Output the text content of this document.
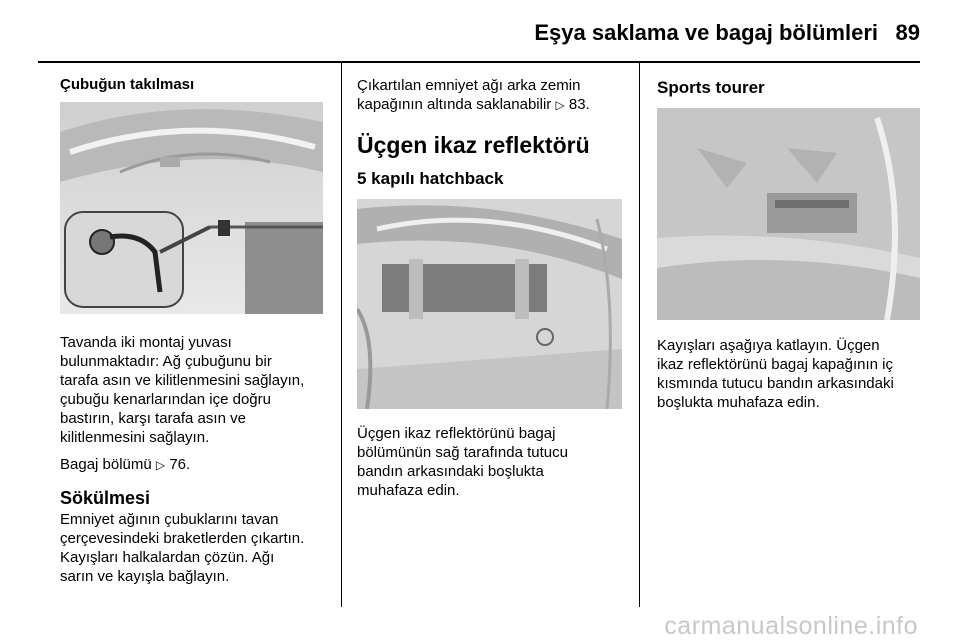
Eşya saklama ve bagaj bölümleri 89
Çubuğun takılması

Tavanda iki montaj yuvası

bulunmaktadır: Ağ çubuğunu bir

tarafa asın ve kilitlenmesini sağlayın,

çubuğu kenarlarından içe doğru

bastırın, karşı tarafa asın ve

kilitlenmesini sağlayın.

Bagaj bölümü ▷ 76.

Sökülmesi

Emniyet ağının çubuklarını tavan

çerçevesindeki braketlerden çıkartın.

Kayışları halkalardan çözün. Ağı

sarın ve kayışla bağlayın.

Çıkartılan emniyet ağı arka zemin

kapağının altında saklanabilir ▷ 83.

Üçgen ikaz reflektörü
5 kapılı hatchback

Üçgen ikaz reflektörünü bagaj

bölümünün sağ tarafında tutucu

bandın arkasındaki boşlukta

muhafaza edin.

Sports tourer

Kayışları aşağıya katlayın. Üçgen

ikaz reflektörünü bagaj kapağının iç

kısmında tutucu bandın arkasındaki

boşlukta muhafaza edin.

carmanualsonline.info
